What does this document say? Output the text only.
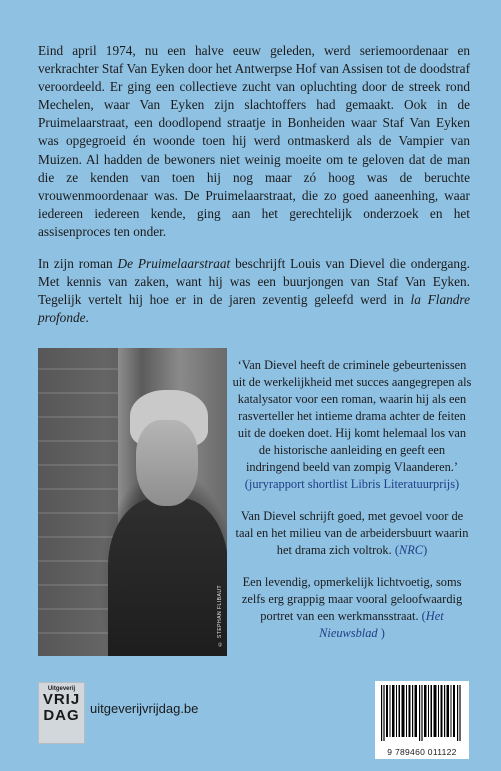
Eind april 1974, nu een halve eeuw geleden, werd seriemoordenaar en verkrachter Staf Van Eyken door het Antwerpse Hof van Assisen tot de doodstraf veroordeeld. Er ging een collectieve zucht van opluchting door de streek rond Mechelen, waar Van Eyken zijn slachtoffers had gemaakt. Ook in de Pruimelaarstraat, een doodlopend straatje in Bonheiden waar Staf Van Eyken was opgegroeid én woonde toen hij werd ontmaskerd als de Vampier van Muizen. Al hadden de bewoners niet weinig moeite om te geloven dat de man die ze kenden van toen hij nog maar zó hoog was de beruchte vrouwenmoordenaar was. De Pruimelaarstraat, die zo goed aaneenhing, waar iedereen iedereen kende, ging aan het gerechtelijk onderzoek en het assisenproces ten onder.

In zijn roman De Pruimelaarstraat beschrijft Louis van Dievel die ondergang. Met kennis van zaken, want hij was een buurjongen van Staf Van Eyken. Tegelijk vertelt hij hoe er in de jaren zeventig geleefd werd in la Flandre profonde.

© STEPHAN FLIBAUT

‘Van Dievel heeft de criminele gebeurtenissen uit de werkelijkheid met succes aangegrepen als katalysator voor een roman, waarin hij als een rasverteller het intieme drama achter de feiten uit de doeken doet. Hij komt helemaal los van de historische aanleiding en geeft een indringend beeld van zompig Vlaanderen.’
(juryrapport shortlist Libris Literatuurprijs)

Van Dievel schrijft goed, met gevoel voor de taal en het milieu van de arbeidersbuurt waarin het drama zich voltrok. (NRC)

Een levendig, opmerkelijk lichtvoetig, soms zelfs erg grappig maar vooral geloofwaardig portret van een werkmansstraat. (Het Nieuwsblad )

Uitgeverij
VRIJ
DAG uitgeverijvrijdag.be
9 789460 011122
